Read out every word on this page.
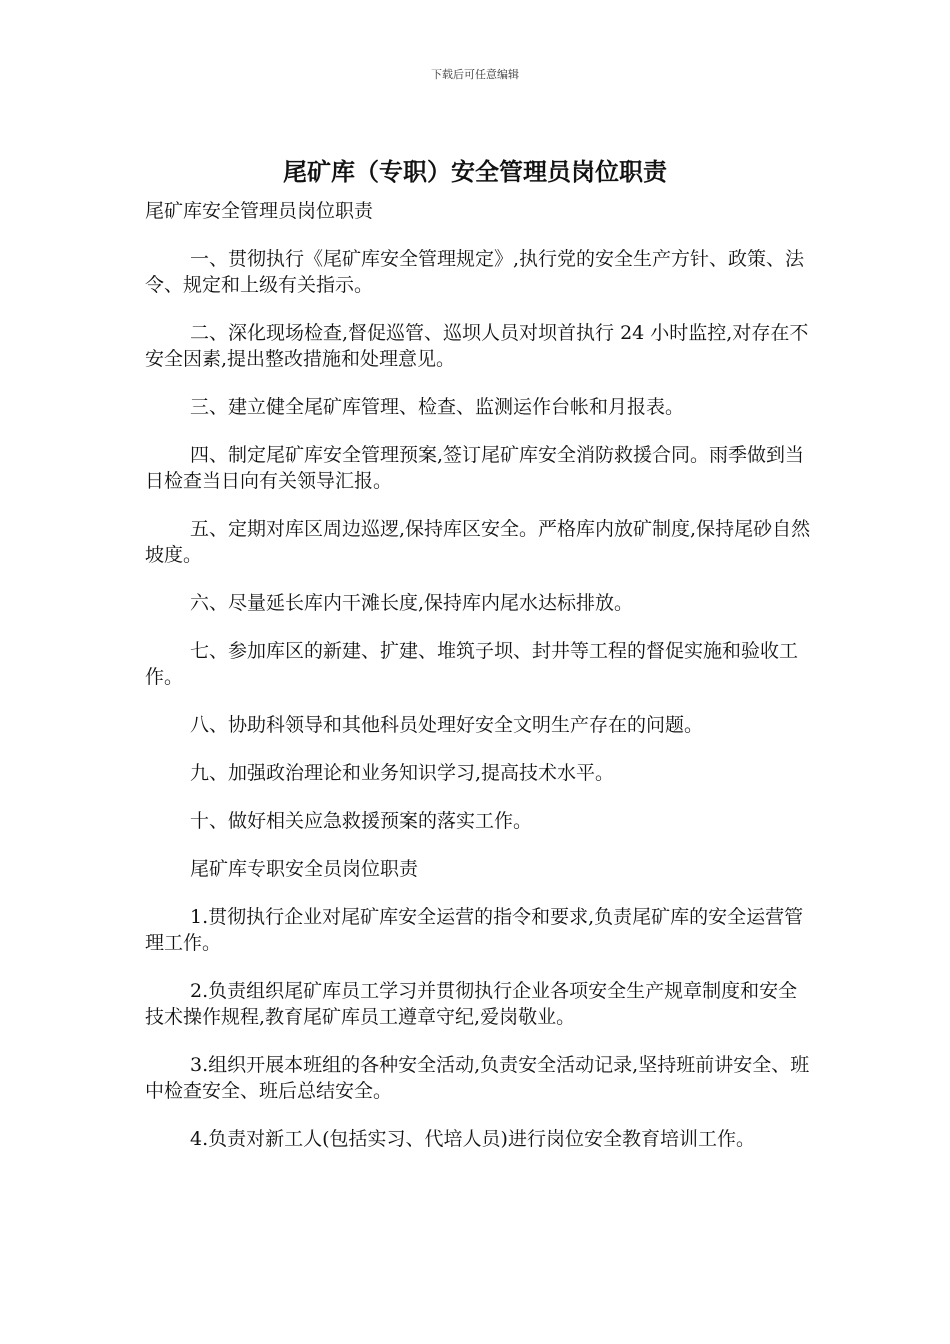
下载后可任意编辑
尾矿库（专职）安全管理员岗位职责

尾矿库安全管理员岗位职责

一、贯彻执行《尾矿库安全管理规定》,执行党的安全生产方针、政策、法令、规定和上级有关指示。

二、深化现场检查,督促巡管、巡坝人员对坝首执行 24 小时监控,对存在不安全因素,提出整改措施和处理意见。

三、建立健全尾矿库管理、检查、监测运作台帐和月报表。

四、制定尾矿库安全管理预案,签订尾矿库安全消防救援合同。雨季做到当日检查当日向有关领导汇报。

五、定期对库区周边巡逻,保持库区安全。严格库内放矿制度,保持尾砂自然坡度。

六、尽量延长库内干滩长度,保持库内尾水达标排放。

七、参加库区的新建、扩建、堆筑子坝、封井等工程的督促实施和验收工作。

八、协助科领导和其他科员处理好安全文明生产存在的问题。

九、加强政治理论和业务知识学习,提高技术水平。

十、做好相关应急救援预案的落实工作。

尾矿库专职安全员岗位职责

1.贯彻执行企业对尾矿库安全运营的指令和要求,负责尾矿库的安全运营管理工作。

2.负责组织尾矿库员工学习并贯彻执行企业各项安全生产规章制度和安全技术操作规程,教育尾矿库员工遵章守纪,爱岗敬业。

3.组织开展本班组的各种安全活动,负责安全活动记录,坚持班前讲安全、班中检查安全、班后总结安全。

4.负责对新工人(包括实习、代培人员)进行岗位安全教育培训工作。
